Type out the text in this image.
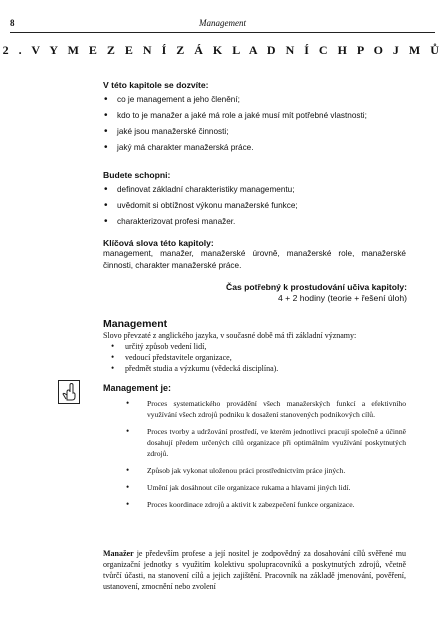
8	Management
2 . V Y M E Z E N Í Z Á K L A D N Í C H P O J M Ů
V této kapitole se dozvíte:
• co je management a jeho členění;
• kdo to je manažer a jaké má role a jaké musí mít potřebné vlastnosti;
• jaké jsou manažerské činnosti;
• jaký má charakter manažerská práce.
Budete schopni:
• definovat základní charakteristiky managementu;
• uvědomit si obtížnost výkonu manažerské funkce;
• charakterizovat profesi manažer.
Klíčová slova této kapitoly:
management, manažer, manažerské úrovně, manažerské role, manažerské činnosti, charakter manažerské práce.
Čas potřebný k prostudování učiva kapitoly:
4 + 2 hodiny (teorie + řešení úloh)
Management
Slovo převzaté z anglického jazyka, v současné době má tři základní významy:
• určitý způsob vedení lidí,
• vedoucí představitele organizace,
• předmět studia a výzkumu (vědecká disciplína).
Management je:
• Proces systematického provádění všech manažerských funkcí a efektivního využívání všech zdrojů podniku k dosažení stanovených podnikových cílů.
• Proces tvorby a udržování prostředí, ve kterém jednotlivci pracují společně a účinně dosahují předem určených cílů organizace při optimálním využívání poskytnutých zdrojů.
• Způsob jak vykonat uloženou práci prostřednictvím práce jiných.
• Umění jak dosáhnout cíle organizace rukama a hlavami jiných lidí.
• Proces koordinace zdrojů a aktivit k zabezpečení funkce organizace.
Manažer je především profese a její nositel je zodpovědný za dosahování cílů svěřené mu organizační jednotky s využitím kolektivu spolupracovníků a poskytnutých zdrojů, včetně tvůrčí účasti, na stanovení cílů a jejich zajištění. Pracovník na základě jmenování, pověření, ustanovení, zmocnění nebo zvolení
